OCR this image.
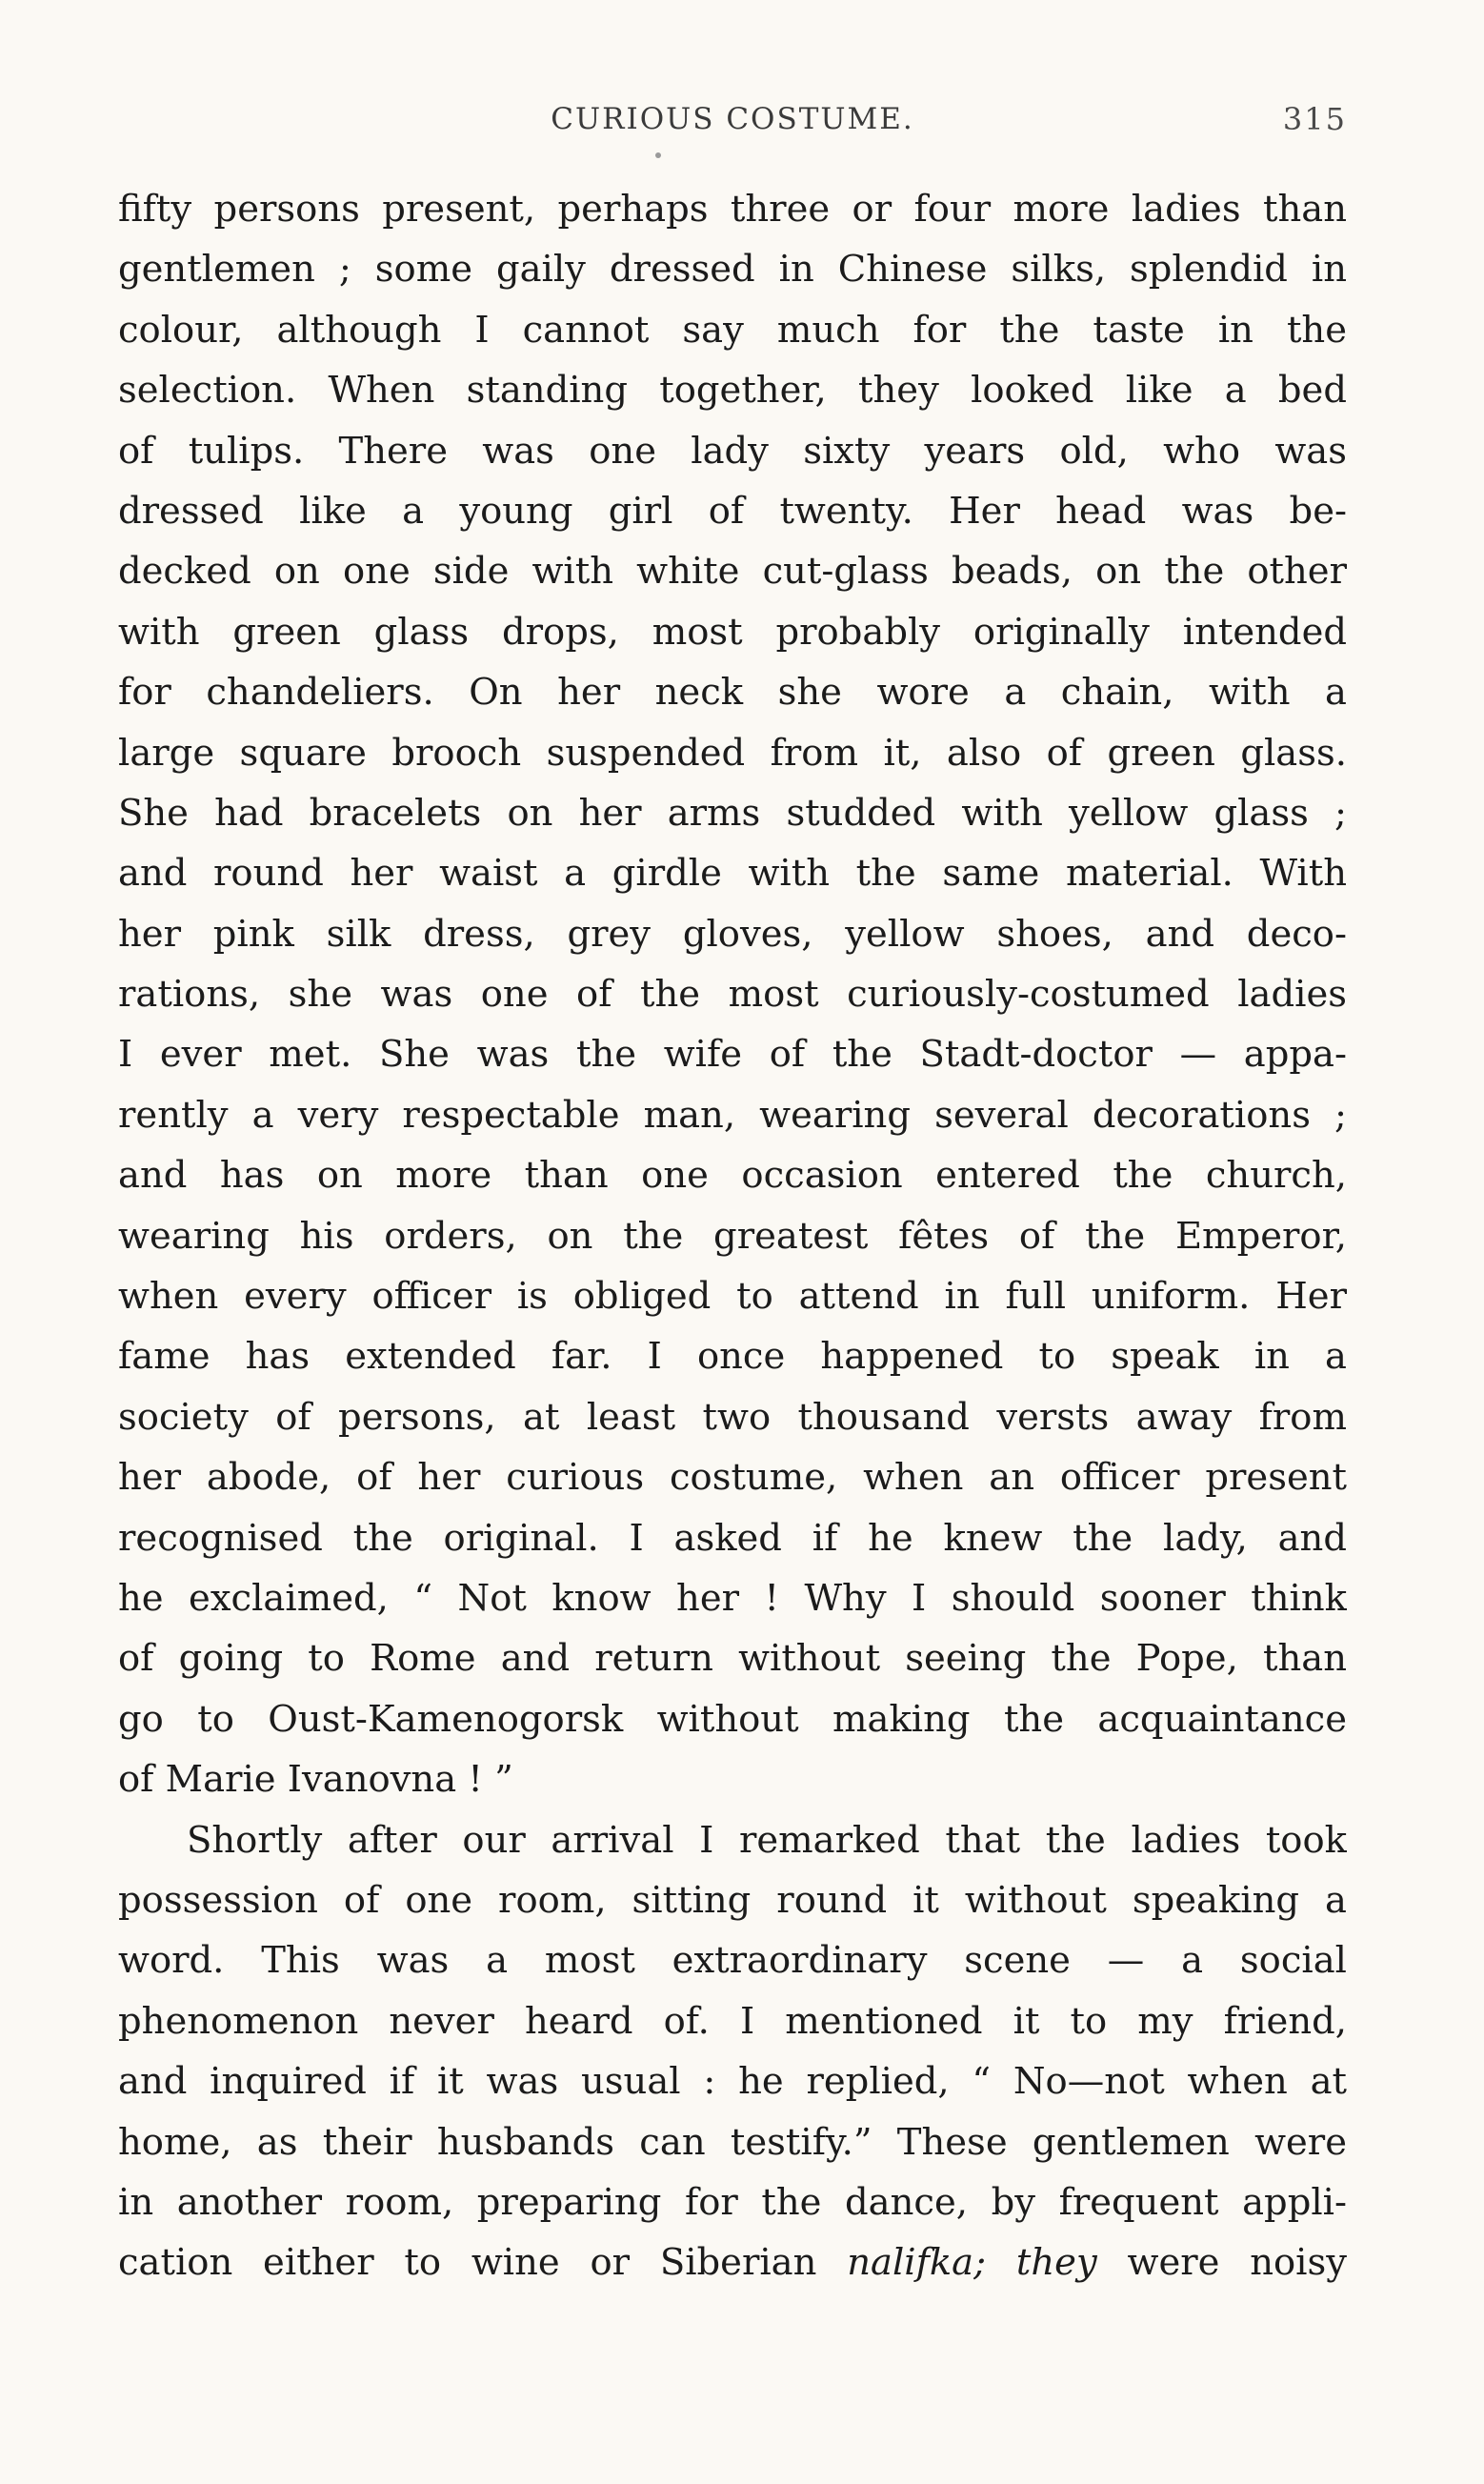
CURIOUS COSTUME.	315
fifty persons present, perhaps three or four more ladies than
gentlemen ; some gaily dressed in Chinese silks, splendid in
colour, although I cannot say much for the taste in the
selection. When standing together, they looked like a bed
of tulips. There was one lady sixty years old, who was
dressed like a young girl of twenty. Her head was be-
decked on one side with white cut-glass beads, on the other
with green glass drops, most probably originally intended
for chandeliers. On her neck she wore a chain, with a
large square brooch suspended from it, also of green glass.
She had bracelets on her arms studded with yellow glass ;
and round her waist a girdle with the same material. With
her pink silk dress, grey gloves, yellow shoes, and deco-
rations, she was one of the most curiously-costumed ladies
I ever met. She was the wife of the Stadt-doctor — appa-
rently a very respectable man, wearing several decorations ;
and has on more than one occasion entered the church,
wearing his orders, on the greatest fêtes of the Emperor,
when every officer is obliged to attend in full uniform. Her
fame has extended far. I once happened to speak in a
society of persons, at least two thousand versts away from
her abode, of her curious costume, when an officer present
recognised the original. I asked if he knew the lady, and
he exclaimed, “ Not know her ! Why I should sooner think
of going to Rome and return without seeing the Pope, than
go to Oust-Kamenogorsk without making the acquaintance
of Marie Ivanovna ! ”
Shortly after our arrival I remarked that the ladies took
possession of one room, sitting round it without speaking a
word. This was a most extraordinary scene — a social
phenomenon never heard of. I mentioned it to my friend,
and inquired if it was usual : he replied, “ No—not when at
home, as their husbands can testify.” These gentlemen were
in another room, preparing for the dance, by frequent appli-
cation either to wine or Siberian nalifka; they were noisy
